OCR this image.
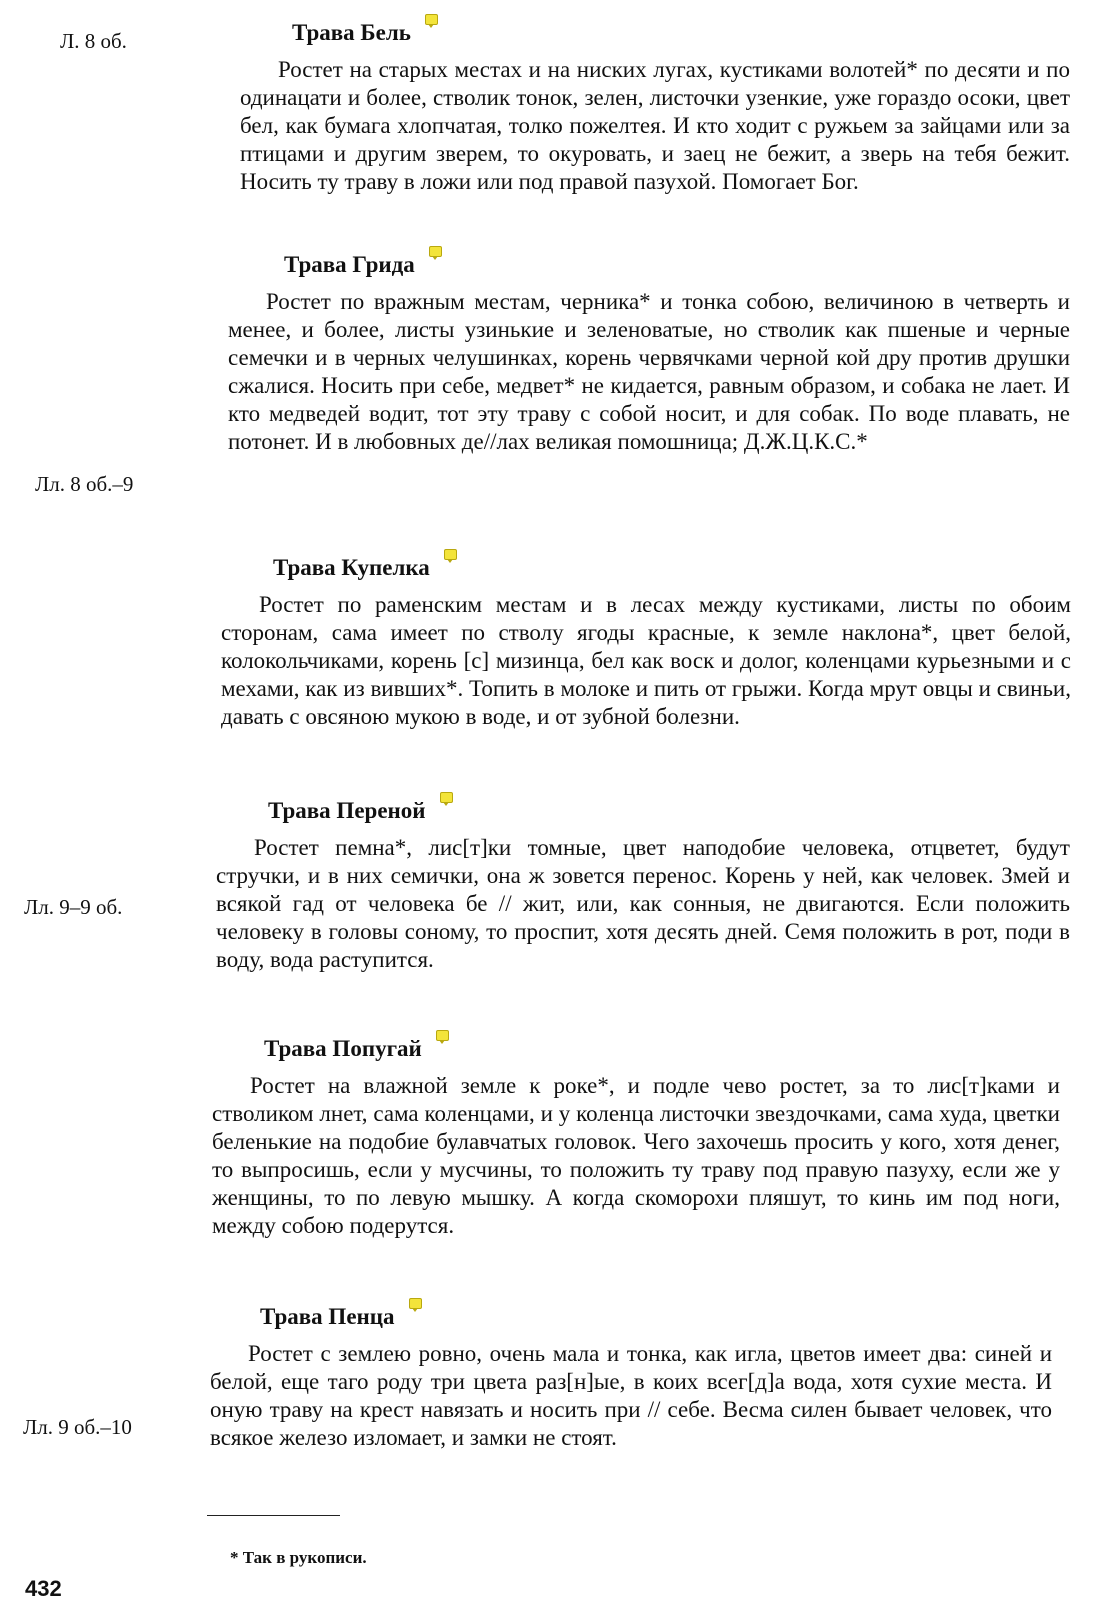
Л. 8 об.
Лл. 8 об.–9
Лл. 9–9 об.
Лл. 9 об.–10
Трава Бель

Ростет на старых местах и на ниских лугах, кустиками волотей* по десяти и по одинацати и более, стволик тонок, зелен, листочки узенкие, уже гораздо осоки, цвет бел, как бумага хлопчатая, толко пожелтея. И кто ходит с ружьем за зайцами или за птицами и другим зверем, то окуровать, и заец не бежит, а зверь на тебя бежит. Носить ту траву в ложи или под правой пазухой. Помогает Бог.

Трава Грида

Ростет по вражным местам, черника* и тонка собою, величиною в четверть и менее, и более, листы узинькие и зеленоватые, но стволик как пшеные и черные семечки и в черных челушинках, корень червячками черной кой дру против друшки сжалися. Носить при себе, медвет* не кидается, равным образом, и собака не лает. И кто медведей водит, тот эту траву с собой носит, и для собак. По воде плавать, не потонет. И в любовных де//лах великая помошница; Д.Ж.Ц.К.С.*

Трава Купелка

Ростет по раменским местам и в лесах между кустиками, листы по обоим сторонам, сама имеет по стволу ягоды красные, к земле наклона*, цвет белой, колокольчиками, корень [с] мизинца, бел как воск и долог, коленцами курьезными и с мехами, как из вивших*. Топить в молоке и пить от грыжи. Когда мрут овцы и свиньи, давать с овсяною мукою в воде, и от зубной болезни.

Трава Переной

Ростет пемна*, лис[т]ки томные, цвет наподобие человека, отцветет, будут стручки, и в них семички, она ж зовется перенос. Корень у ней, как человек. Змей и всякой гад от человека бе // жит, или, как сонныя, не двигаются. Если положить человеку в головы соному, то проспит, хотя десять дней. Семя положить в рот, поди в воду, вода раступится.

Трава Попугай

Ростет на влажной земле к роке*, и подле чево ростет, за то лис[т]ками и стволиком лнет, сама коленцами, и у коленца листочки звездочками, сама худа, цветки беленькие на подобие булавчатых головок. Чего захочешь просить у кого, хотя денег, то выпросишь, если у мусчины, то положить ту траву под правую пазуху, если же у женщины, то по левую мышку. А когда скоморохи пляшут, то кинь им под ноги, между собою подерутся.

Трава Пенца

Ростет с землею ровно, очень мала и тонка, как игла, цветов имеет два: синей и белой, еще таго роду три цвета раз[н]ые, в коих всег[д]а вода, хотя сухие места. И оную траву на крест навязать и носить при // себе. Весма силен бывает человек, что всякое железо изломает, и замки не стоят.

* Так в рукописи.
432
